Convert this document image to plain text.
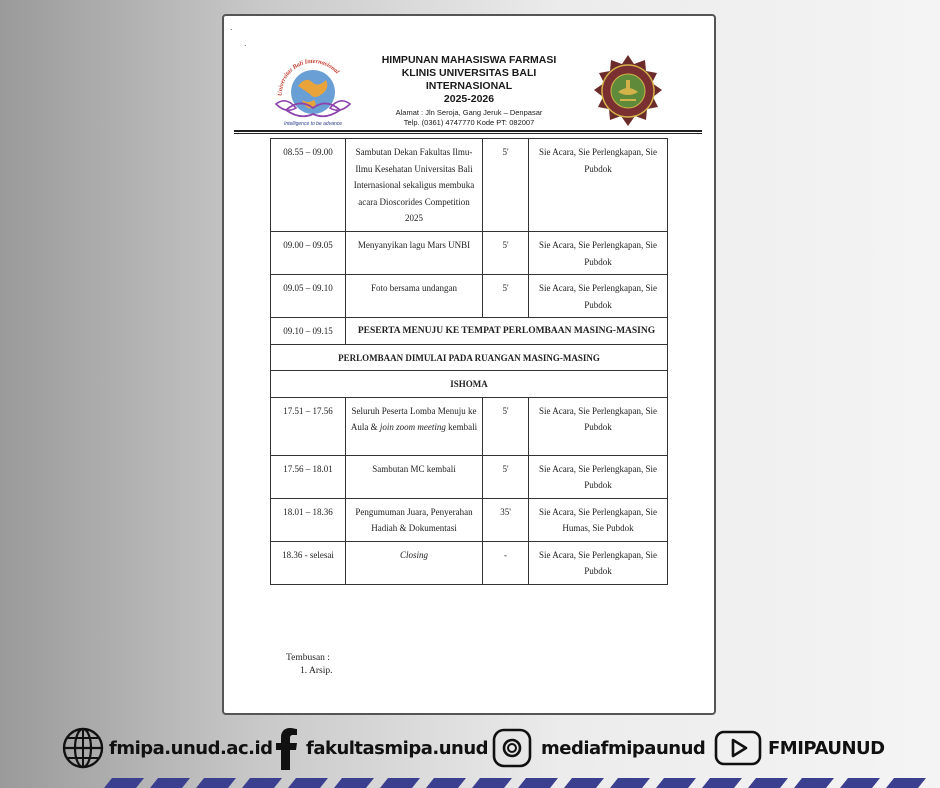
.
.
Universitas Bali Internasional
Intelligence to be advance
HIMPUNAN MAHASISWA FARMASI
KLINIS UNIVERSITAS BALI
INTERNASIONAL
2025-2026
Alamat : Jln Seroja, Gang Jeruk – Denpasar
Telp. (0361) 4747770 Kode PT: 082007
08.55 – 09.00	Sambutan Dekan Fakultas Ilmu-Ilmu Kesehatan Universitas Bali Internasional sekaligus membuka acara Dioscorides Competition 2025	5'	Sie Acara, Sie Perlengkapan, Sie Pubdok
09.00 – 09.05	Menyanyikan lagu Mars UNBI	5'	Sie Acara, Sie Perlengkapan, Sie Pubdok
09.05 – 09.10	Foto bersama undangan	5'	Sie Acara, Sie Perlengkapan, Sie Pubdok
09.10 – 09.15	PESERTA MENUJU KE TEMPAT PERLOMBAAN MASING-MASING		
PERLOMBAAN DIMULAI PADA RUANGAN MASING-MASING			
ISHOMA			
17.51 – 17.56	Seluruh Peserta Lomba Menuju ke Aula & join zoom meeting kembali	5'	Sie Acara, Sie Perlengkapan, Sie Pubdok
17.56 – 18.01	Sambutan MC kembali	5'	Sie Acara, Sie Perlengkapan, Sie Pubdok
18.01 – 18.36	Pengumuman Juara, Penyerahan Hadiah & Dokumentasi	35'	Sie Acara, Sie Perlengkapan, Sie Humas, Sie Pubdok
18.36 - selesai	Closing	-	Sie Acara, Sie Perlengkapan, Sie Pubdok
Tembusan :
1. Arsip.
fmipa.unud.ac.id fakultasmipa.unud	mediafmipaunud	FMIPAUNUD
